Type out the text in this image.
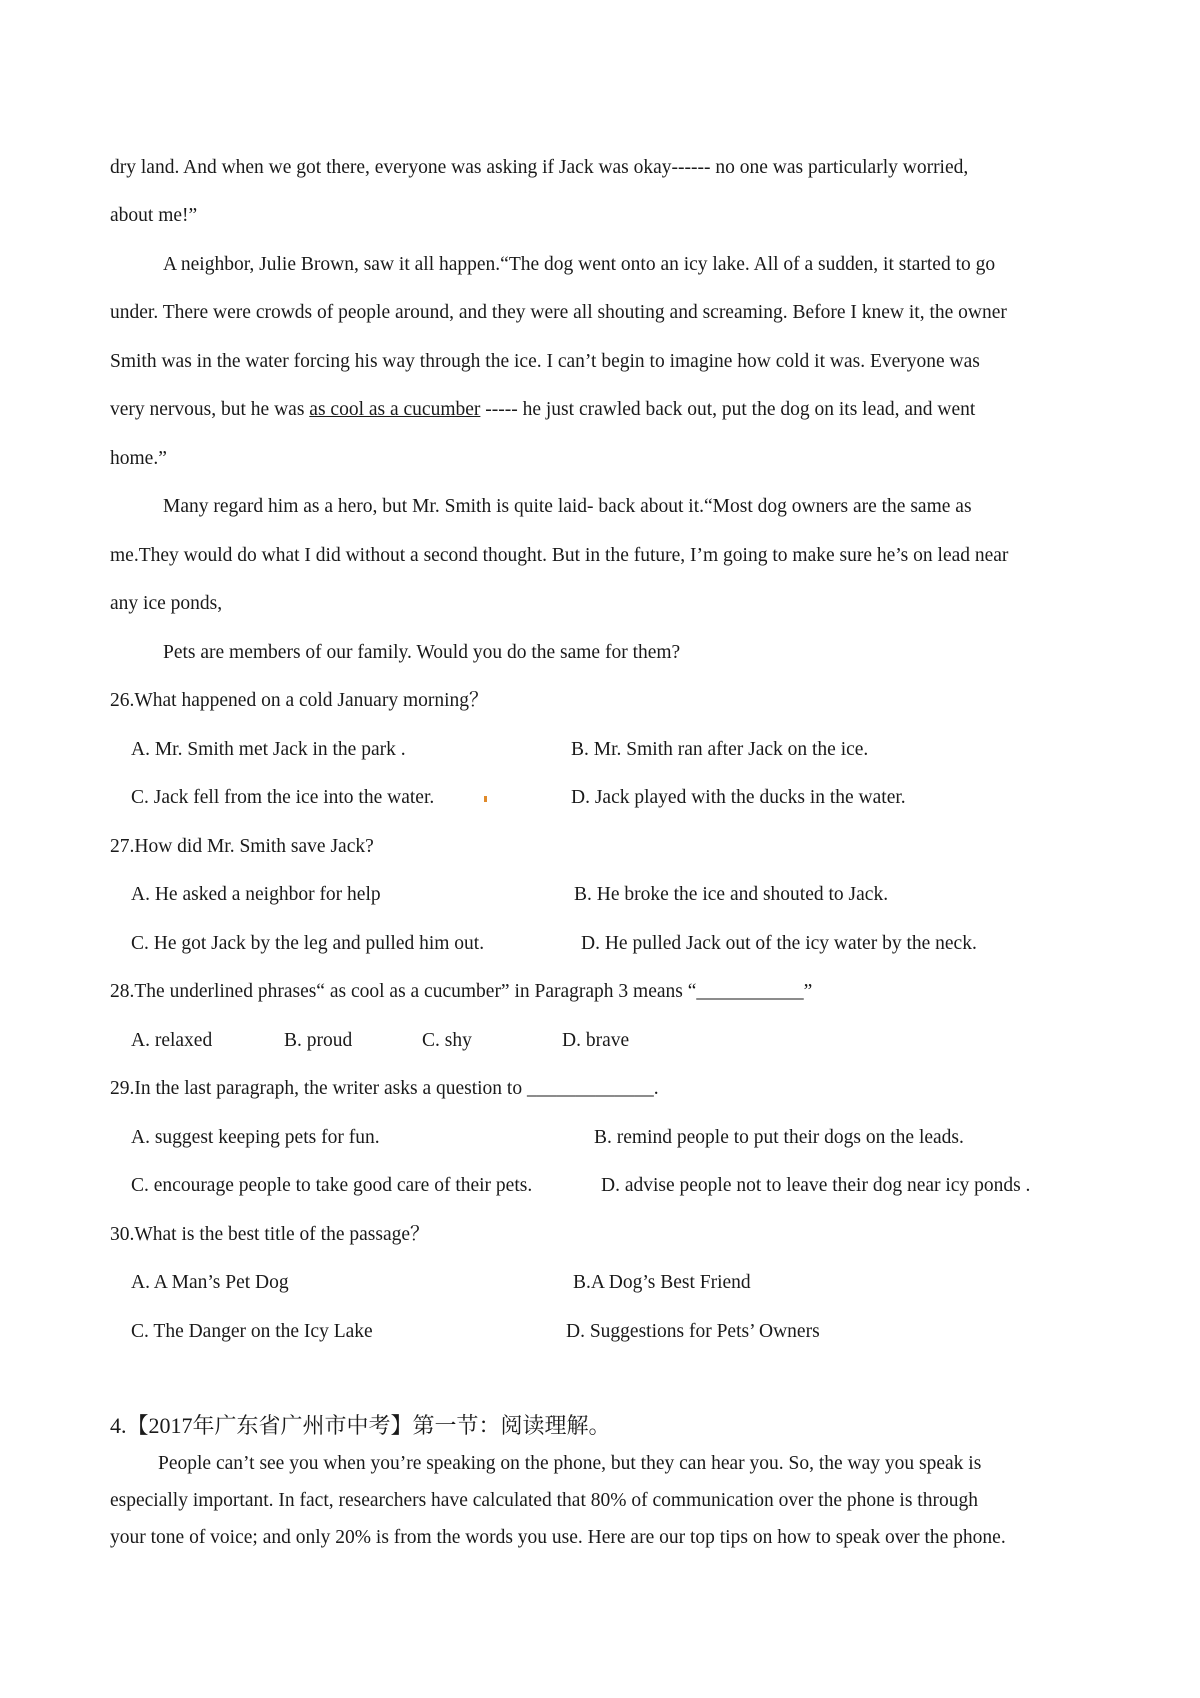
dry land. And when we got there, everyone was asking if Jack was okay------ no one was particularly worried,
about me!”
A neighbor, Julie Brown, saw it all happen.“The dog went onto an icy lake. All of a sudden, it started to go
under. There were crowds of people around, and they were all shouting and screaming. Before I knew it, the owner
Smith was in the water forcing his way through the ice. I can’t begin to imagine how cold it was. Everyone was
very nervous, but he was as cool as a cucumber ----- he just crawled back out, put the dog on its lead, and went
home.”
Many regard him as a hero, but Mr. Smith is quite laid- back about it.“Most dog owners are the same as
me.They would do what I did without a second thought. But in the future, I’m going to make sure he’s on lead near
any ice ponds,
Pets are members of our family. Would you do the same for them?
26.What happened on a cold January morning？
A. Mr. Smith met Jack in the park .	B. Mr. Smith ran after Jack on the ice.
C. Jack fell from the ice into the water.	D. Jack played with the ducks in the water.
27.How did Mr. Smith save Jack?
A. He asked a neighbor for help	B. He broke the ice and shouted to Jack.
C. He got Jack by the leg and pulled him out.	D. He pulled Jack out of the icy water by the neck.
28.The underlined phrases“ as cool as a cucumber” in Paragraph 3 means “___________”
A. relaxed	B. proud	C. shy	D. brave
29.In the last paragraph, the writer asks a question to _____________.
A. suggest keeping pets for fun.	B. remind people to put their dogs on the leads.
C. encourage people to take good care of their pets.	D. advise people not to leave their dog near icy ponds .
30.What is the best title of the passage？
A. A Man’s Pet Dog	B.A Dog’s Best Friend
C. The Danger on the Icy Lake	D. Suggestions for Pets’ Owners
4.【2017年广东省广州市中考】第一节：阅读理解。
People can’t see you when you’re speaking on the phone, but they can hear you. So, the way you speak is
especially important. In fact, researchers have calculated that 80% of communication over the phone is through
your tone of voice; and only 20% is from the words you use. Here are our top tips on how to speak over the phone.
